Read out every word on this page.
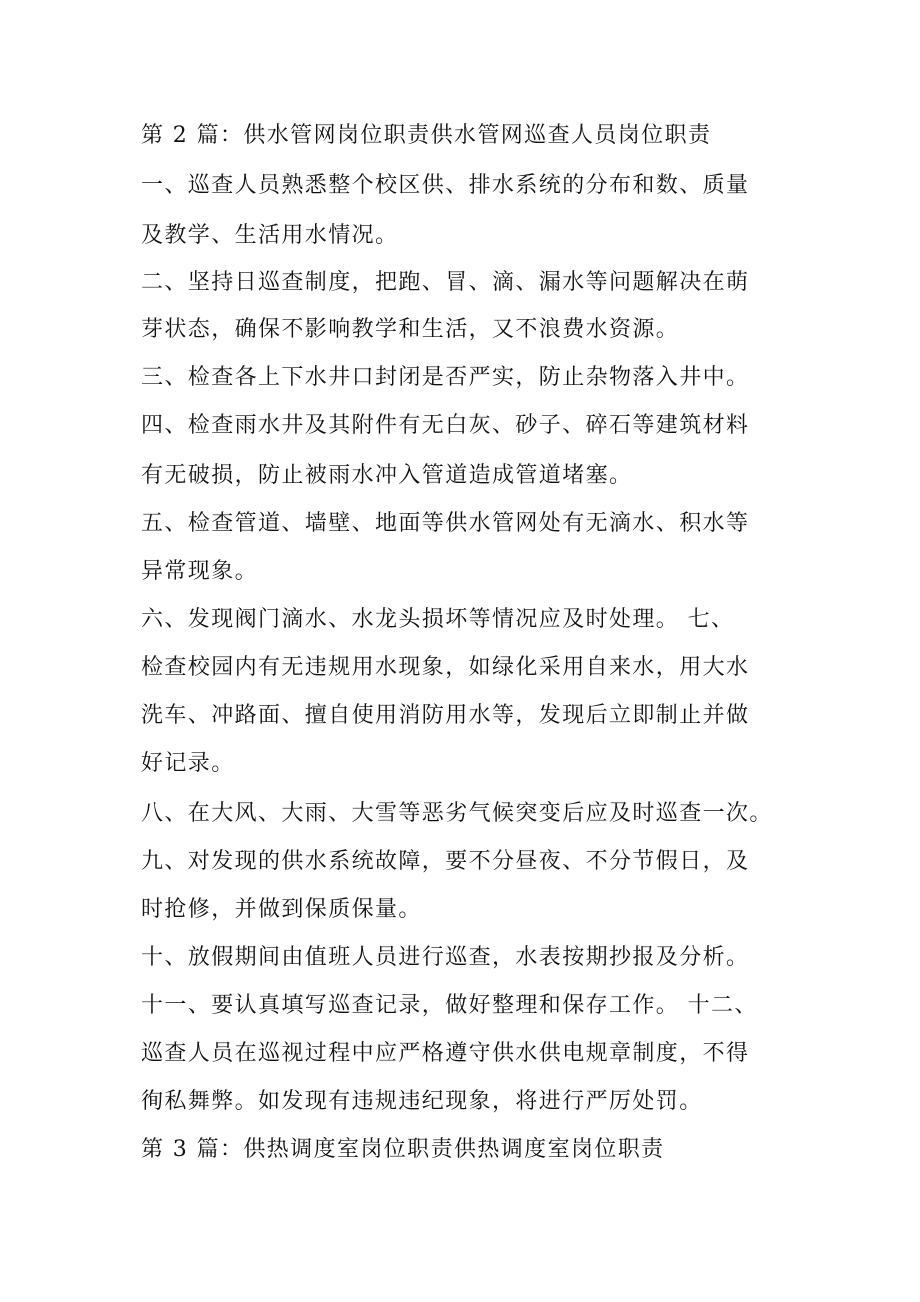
第 2 篇：供水管网岗位职责供水管网巡查人员岗位职责
一、巡查人员熟悉整个校区供、排水系统的分布和数、质量
及教学、生活用水情况。
二、坚持日巡查制度，把跑、冒、滴、漏水等问题解决在萌
芽状态，确保不影响教学和生活，又不浪费水资源。
三、检查各上下水井口封闭是否严实，防止杂物落入井中。
四、检查雨水井及其附件有无白灰、砂子、碎石等建筑材料
有无破损，防止被雨水冲入管道造成管道堵塞。
五、检查管道、墙壁、地面等供水管网处有无滴水、积水等
异常现象。
六、发现阀门滴水、水龙头损坏等情况应及时处理。 七、
检查校园内有无违规用水现象，如绿化采用自来水，用大水
洗车、冲路面、擅自使用消防用水等，发现后立即制止并做
好记录。
八、在大风、大雨、大雪等恶劣气候突变后应及时巡查一次。
九、对发现的供水系统故障，要不分昼夜、不分节假日，及
时抢修，并做到保质保量。
十、放假期间由值班人员进行巡查，水表按期抄报及分析。
十一、要认真填写巡查记录，做好整理和保存工作。 十二、
巡查人员在巡视过程中应严格遵守供水供电规章制度，不得
徇私舞弊。如发现有违规违纪现象，将进行严厉处罚。
第 3 篇：供热调度室岗位职责供热调度室岗位职责
